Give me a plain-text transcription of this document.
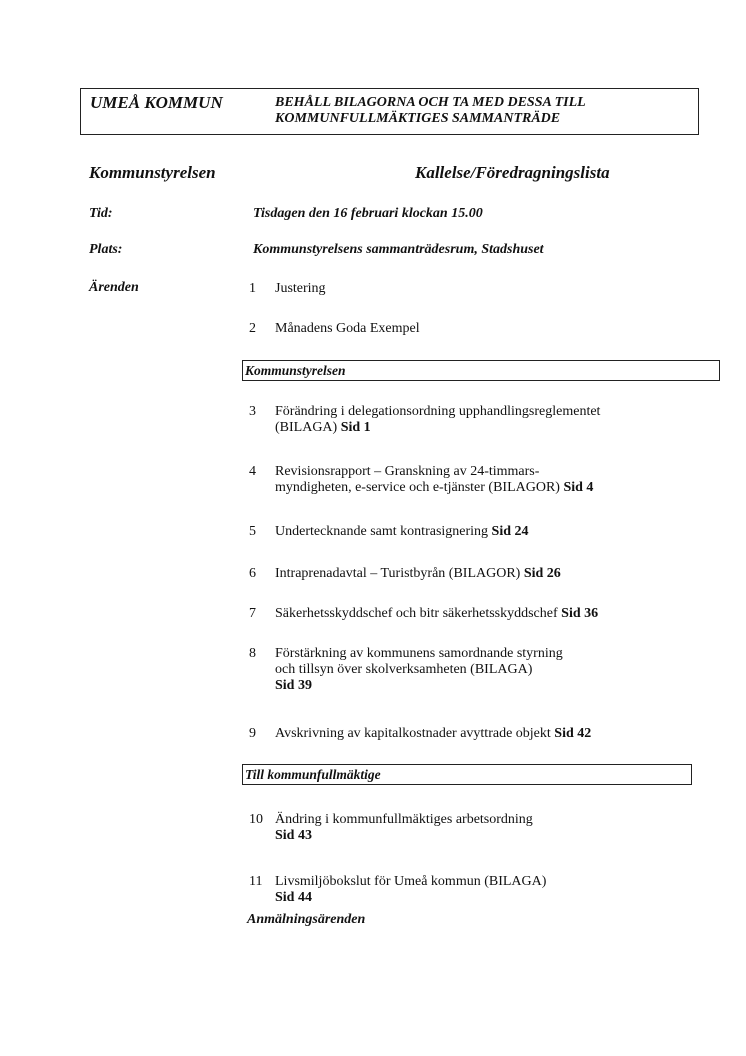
UMEÅ KOMMUN	BEHÅLL BILAGORNA OCH TA MED DESSA TILL
KOMMUNFULLMÄKTIGES SAMMANTRÄDE
Kommunstyrelsen	Kallelse/Föredragningslista
Tid:	Tisdagen den 16 februari klockan 15.00
Plats:	Kommunstyrelsens sammanträdesrum, Stadshuset
Ärenden	1 Justering
2 Månadens Goda Exempel
Kommunstyrelsen
3 Förändring i delegationsordning upphandlingsreglementet
(BILAGA) Sid 1
4 Revisionsrapport – Granskning av 24-timmars-
myndigheten, e-service och e-tjänster (BILAGOR) Sid 4
5 Undertecknande samt kontrasignering Sid 24
6 Intraprenadavtal – Turistbyrån (BILAGOR) Sid 26
7 Säkerhetsskyddschef och bitr säkerhetsskyddschef Sid 36
8 Förstärkning av kommunens samordnande styrning
och tillsyn över skolverksamheten (BILAGA)
Sid 39
9 Avskrivning av kapitalkostnader avyttrade objekt Sid 42
Till kommunfullmäktige
10 Ändring i kommunfullmäktiges arbetsordning
Sid 43
11 Livsmiljöbokslut för Umeå kommun (BILAGA)
Sid 44
Anmälningsärenden
